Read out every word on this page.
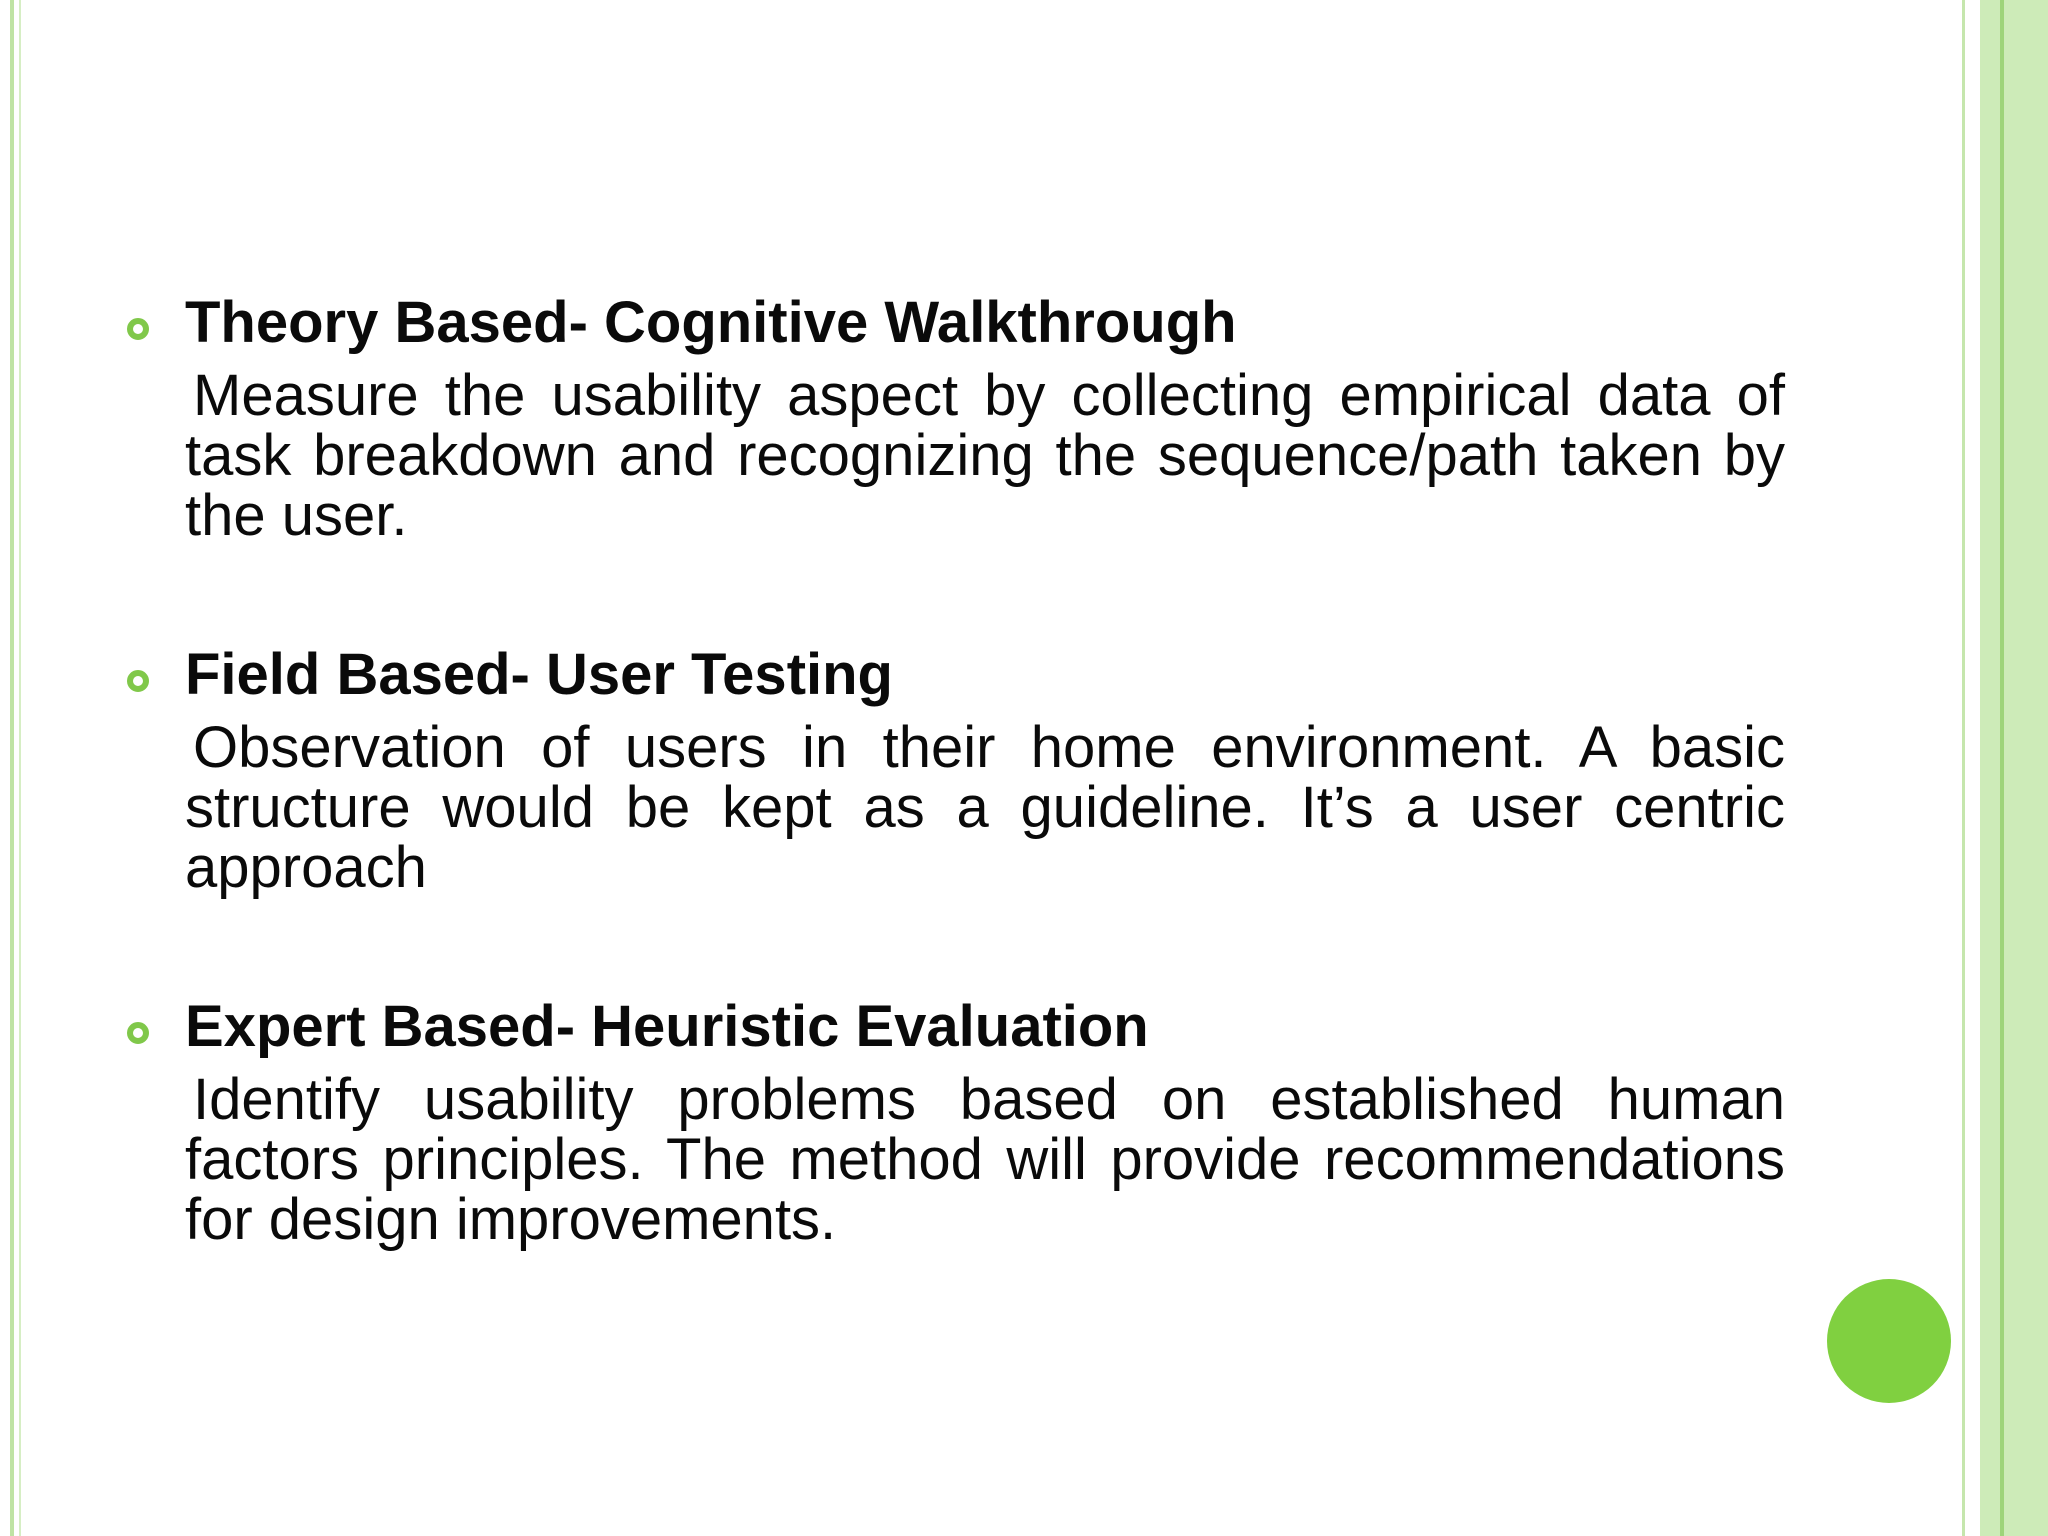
Theory Based- Cognitive Walkthrough
Measure the usability aspect by collecting empirical data of task breakdown and recognizing the sequence/path taken by the user.
Field Based- User Testing
Observation of users in their home environment. A basic structure would be kept as a guideline. It’s a user centric approach
Expert Based- Heuristic Evaluation
Identify usability problems based on established human factors principles. The method will provide recommendations for design improvements.
